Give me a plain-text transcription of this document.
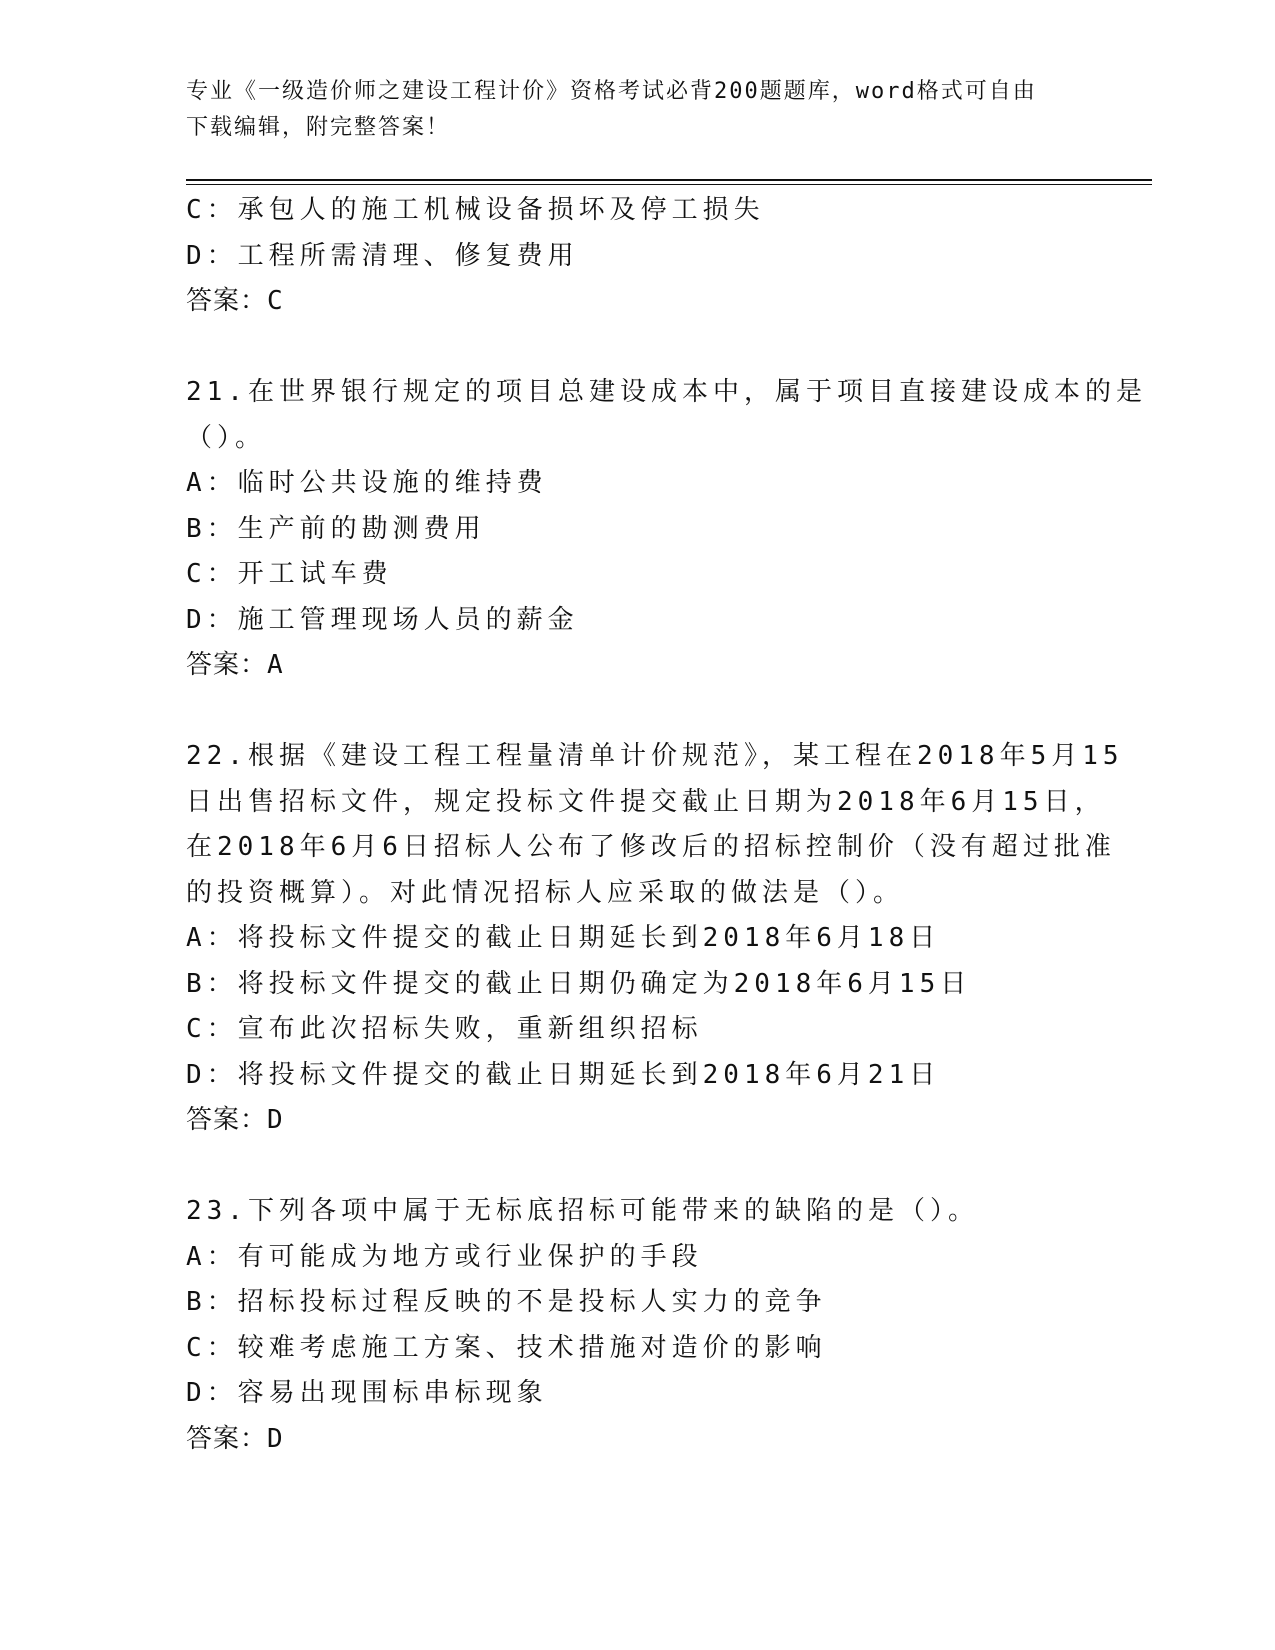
专业《一级造价师之建设工程计价》资格考试必背200题题库，word格式可自由
下载编辑，附完整答案！
C：承包人的施工机械设备损坏及停工损失
D：工程所需清理、修复费用
答案：C
21.在世界银行规定的项目总建设成本中，属于项目直接建设成本的是
（）。
A：临时公共设施的维持费
B：生产前的勘测费用
C：开工试车费
D：施工管理现场人员的薪金
答案：A
22.根据《建设工程工程量清单计价规范》，某工程在2018年5月15
日出售招标文件，规定投标文件提交截止日期为2018年6月15日，
在2018年6月6日招标人公布了修改后的招标控制价（没有超过批准
的投资概算）。对此情况招标人应采取的做法是（）。
A：将投标文件提交的截止日期延长到2018年6月18日
B：将投标文件提交的截止日期仍确定为2018年6月15日
C：宣布此次招标失败，重新组织招标
D：将投标文件提交的截止日期延长到2018年6月21日
答案：D
23.下列各项中属于无标底招标可能带来的缺陷的是（）。
A：有可能成为地方或行业保护的手段
B：招标投标过程反映的不是投标人实力的竞争
C：较难考虑施工方案、技术措施对造价的影响
D：容易出现围标串标现象
答案：D
